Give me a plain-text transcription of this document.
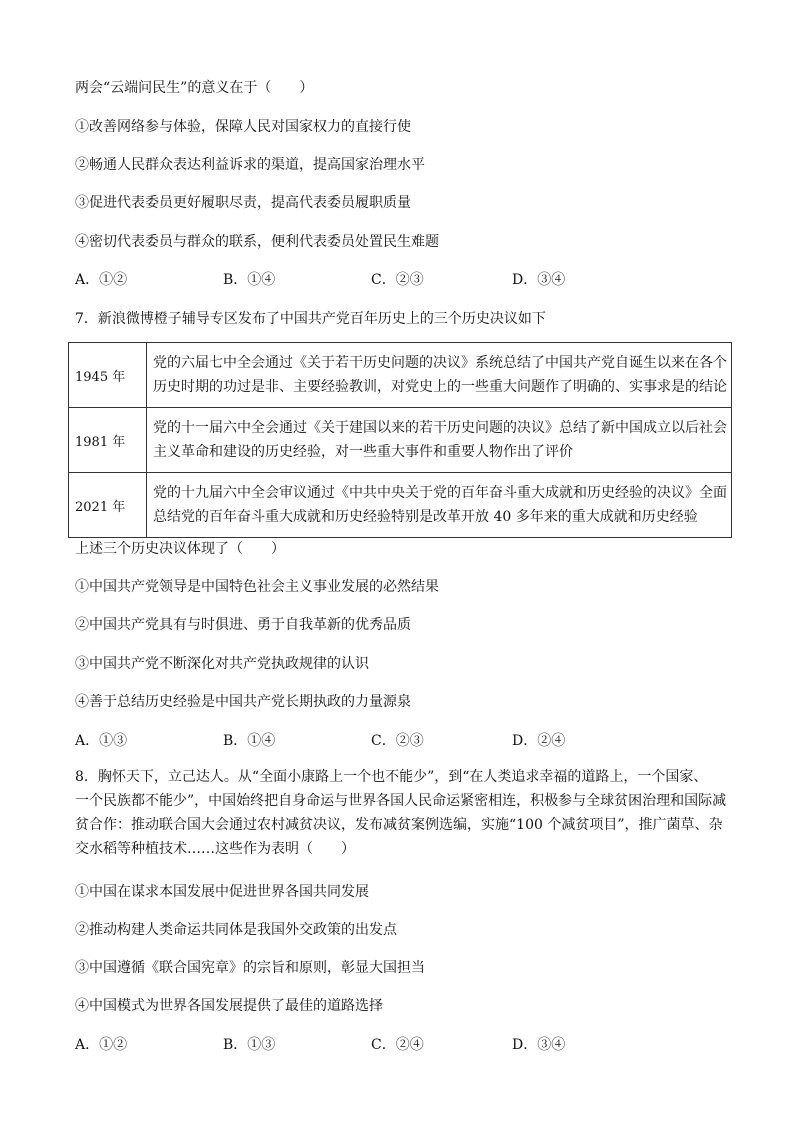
两会“云端问民生”的意义在于（　　）
①改善网络参与体验，保障人民对国家权力的直接行使
②畅通人民群众表达利益诉求的渠道，提高国家治理水平
③促进代表委员更好履职尽责，提高代表委员履职质量
④密切代表委员与群众的联系，便利代表委员处置民生难题
A．①②	B．①④	C．②③	D．③④
7．新浪微博橙子辅导专区发布了中国共产党百年历史上的三个历史决议如下
1945 年	党的六届七中全会通过《关于若干历史问题的决议》系统总结了中国共产党自诞生以来在各个
历史时期的功过是非、主要经验教训，对党史上的一些重大问题作了明确的、实事求是的结论

1981 年	党的十一届六中全会通过《关于建国以来的若干历史问题的决议》总结了新中国成立以后社会
主义革命和建设的历史经验，对一些重大事件和重要人物作出了评价

2021 年	党的十九届六中全会审议通过《中共中央关于党的百年奋斗重大成就和历史经验的决议》全面
总结党的百年奋斗重大成就和历史经验特别是改革开放 40 多年来的重大成就和历史经验
上述三个历史决议体现了（　　）
①中国共产党领导是中国特色社会主义事业发展的必然结果
②中国共产党具有与时俱进、勇于自我革新的优秀品质
③中国共产党不断深化对共产党执政规律的认识
④善于总结历史经验是中国共产党长期执政的力量源泉
A．①③	B．①④	C．②③	D．②④
8．胸怀天下，立己达人。从“全面小康路上一个也不能少”，到“在人类追求幸福的道路上，一个国家、
一个民族都不能少”，中国始终把自身命运与世界各国人民命运紧密相连，积极参与全球贫困治理和国际减
贫合作：推动联合国大会通过农村减贫决议，发布减贫案例选编，实施“100 个减贫项目”，推广菌草、杂
交水稻等种植技术……这些作为表明（　　）
①中国在谋求本国发展中促进世界各国共同发展
②推动构建人类命运共同体是我国外交政策的出发点
③中国遵循《联合国宪章》的宗旨和原则，彰显大国担当
④中国模式为世界各国发展提供了最佳的道路选择
A．①②	B．①③	C．②④	D．③④
